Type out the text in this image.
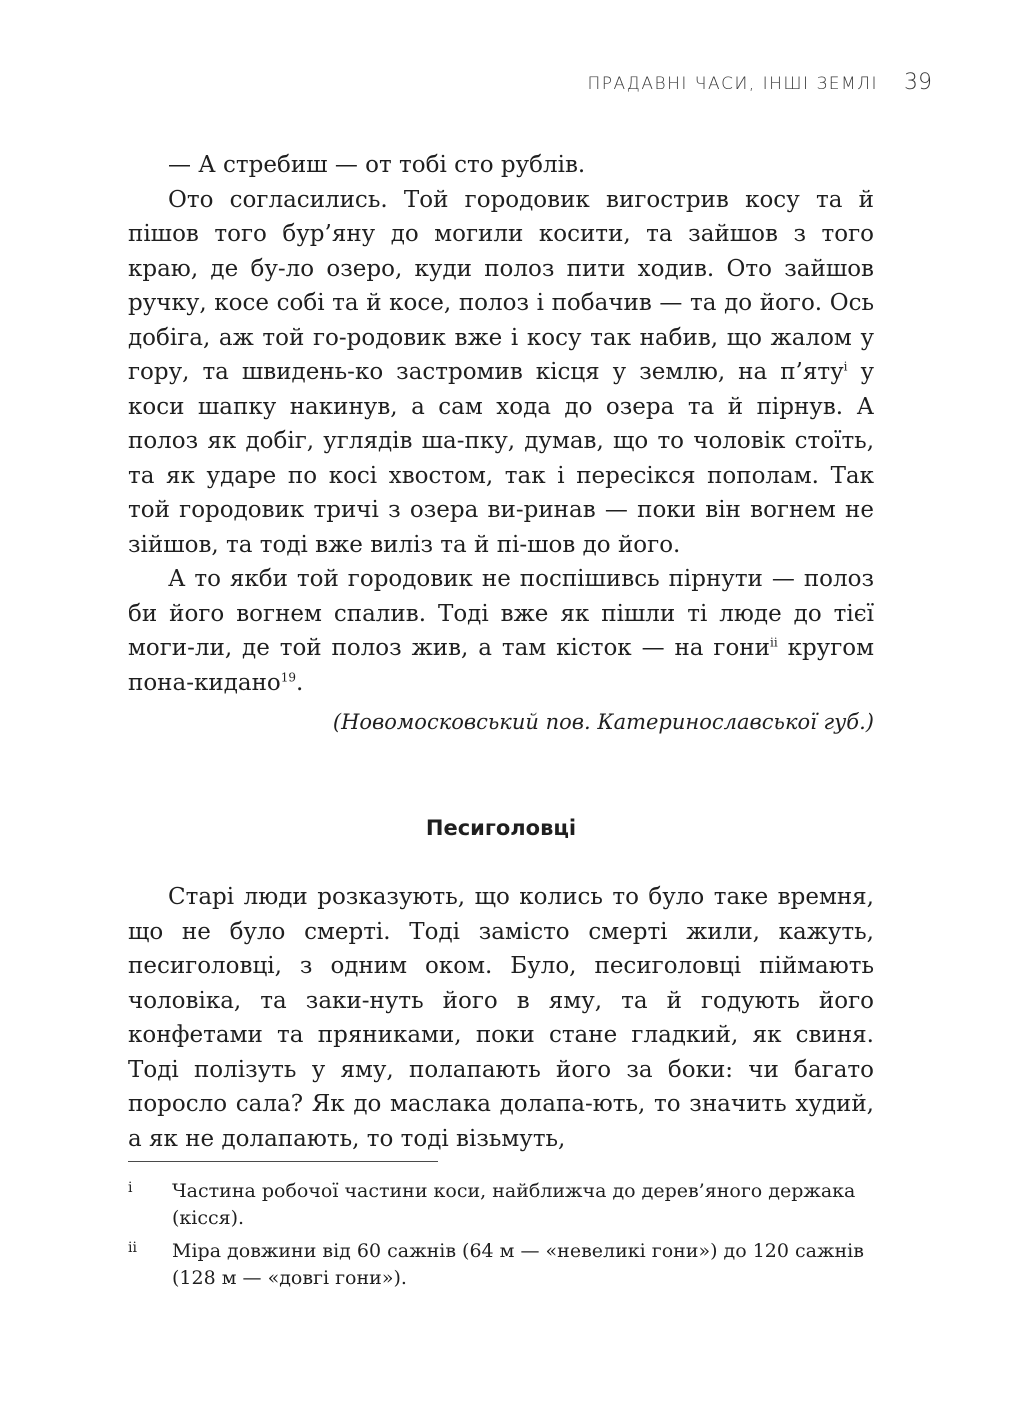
ПРАДАВНІ ЧАСИ, ІНШІ ЗЕМЛІ 39

— А стребиш — от тобі сто рублів.

Ото согласились. Той городовик вигострив косу та й пішов того бур’яну до могили косити, та зайшов з того краю, де бу-ло озеро, куди полоз пити ходив. Ото зайшов ручку, косе собі та й косе, полоз і побачив — та до його. Ось добіга, аж той го-родовик вже і косу так набив, що жалом у гору, та швидень-ко застромив кісця у землю, на п’яту$^i$ у коси шапку накинув, а сам хода до озера та й пірнув. А полоз як добіг, углядів ша-пку, думав, що то чоловік стоїть, та як ударе по косі хвостом, так і пересікся пополам. Так той городовик тричі з озера ви-ринав — поки він вогнем не зійшов, та тоді вже виліз та й пі-шов до його.

А то якби той городовик не поспішивсь пірнути — полоз би його вогнем спалив. Тоді вже як пішли ті люде до тієї моги-ли, де той полоз жив, а там кісток — на гони$^{ii}$ кругом пона-кидано$^{19}$.

(Новомосковський пов. Катеринославської губ.)

Песиголовці

Старі люди розказують, що колись то було таке времня, що не було смерті. Тоді замісто смерті жили, кажуть, песиголовці, з одним оком. Було, песиголовці піймають чоловіка, та заки-нуть його в яму, та й годують його конфетами та пряниками, поки стане гладкий, як свиня. Тоді полізуть у яму, полапають його за боки: чи багато поросло сала? Як до маслака долапа-ють, то значить худий, а як не долапають, то тоді візьмуть,

i	Частина робочої частини коси, найближча до дерев’яного держака (кісся).
ii	Міра довжини від 60 сажнів (64 м — «невеликі гони») до 120 сажнів (128 м — «довгі гони»).
